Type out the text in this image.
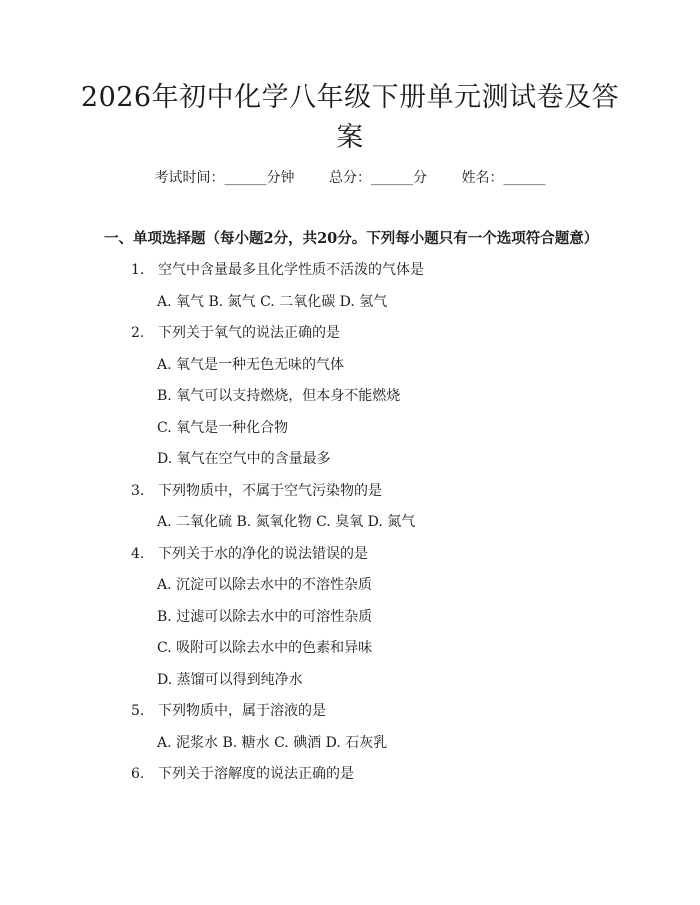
2026年初中化学八年级下册单元测试卷及答案
考试时间：______分钟 总分：______分 姓名：______
一、单项选择题（每小题2分，共20分。下列每小题只有一个选项符合题意）
1. 空气中含量最多且化学性质不活泼的气体是
A. 氧气 B. 氮气 C. 二氧化碳 D. 氢气
2. 下列关于氧气的说法正确的是
A. 氧气是一种无色无味的气体
B. 氧气可以支持燃烧，但本身不能燃烧
C. 氧气是一种化合物
D. 氧气在空气中的含量最多
3. 下列物质中，不属于空气污染物的是
A. 二氧化硫 B. 氮氧化物 C. 臭氧 D. 氮气
4. 下列关于水的净化的说法错误的是
A. 沉淀可以除去水中的不溶性杂质
B. 过滤可以除去水中的可溶性杂质
C. 吸附可以除去水中的色素和异味
D. 蒸馏可以得到纯净水
5. 下列物质中，属于溶液的是
A. 泥浆水 B. 糖水 C. 碘酒 D. 石灰乳
6. 下列关于溶解度的说法正确的是
